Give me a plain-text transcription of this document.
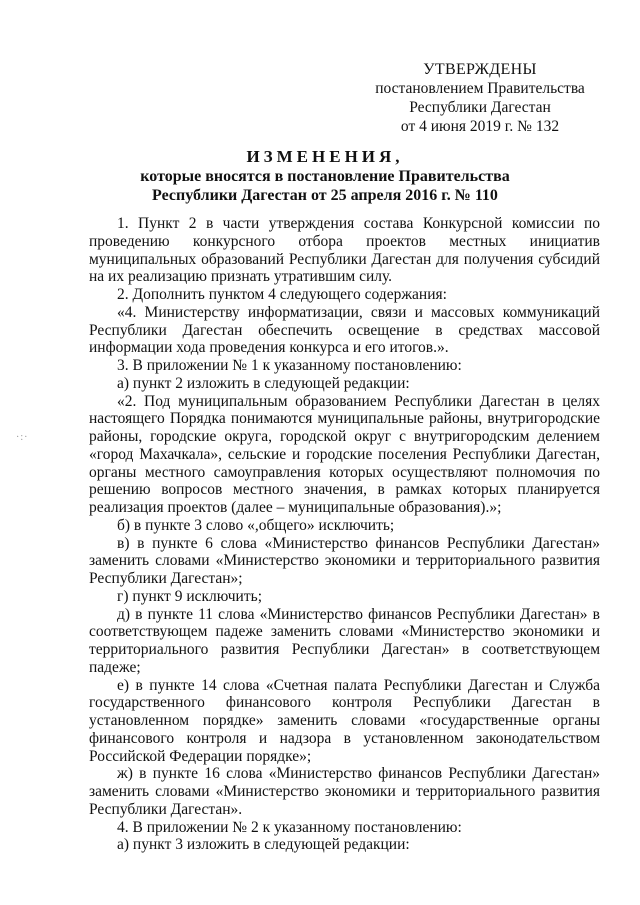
УТВЕРЖДЕНЫ
постановлением Правительства
Республики Дагестан
от 4 июня 2019 г. № 132
ИЗМЕНЕНИЯ,
которые вносятся в постановление Правительства
Республики Дагестан от 25 апреля 2016 г. № 110
·:·

1. Пункт 2 в части утверждения состава Конкурсной комиссии по проведению конкурсного отбора проектов местных инициатив муниципальных образований Республики Дагестан для получения субсидий на их реализацию признать утратившим силу.

2. Дополнить пунктом 4 следующего содержания:

«4. Министерству информатизации, связи и массовых коммуникаций Республики Дагестан обеспечить освещение в средствах массовой информации хода проведения конкурса и его итогов.».

3. В приложении № 1 к указанному постановлению:

а) пункт 2 изложить в следующей редакции:

«2. Под муниципальным образованием Республики Дагестан в целях настоящего Порядка понимаются муниципальные районы, внутригородские районы, городские округа, городской округ с внутригородским делением «город Махачкала», сельские и городские поселения Республики Дагестан, органы местного самоуправления которых осуществляют полномочия по решению вопросов местного значения, в рамках которых планируется реализация проектов (далее – муниципальные образования).»;

б) в пункте 3 слово «,общего» исключить;

в) в пункте 6 слова «Министерство финансов Республики Дагестан» заменить словами «Министерство экономики и территориального развития Республики Дагестан»;

г) пункт 9 исключить;

д) в пункте 11 слова «Министерство финансов Республики Дагестан» в соответствующем падеже заменить словами «Министерство экономики и территориального развития Республики Дагестан» в соответствующем падеже;

е) в пункте 14 слова «Счетная палата Республики Дагестан и Служба государственного финансового контроля Республики Дагестан в установленном порядке» заменить словами «государственные органы финансового контроля и надзора в установленном законодательством Российской Федерации порядке»;

ж) в пункте 16 слова «Министерство финансов Республики Дагестан» заменить словами «Министерство экономики и территориального развития Республики Дагестан».

4. В приложении № 2 к указанному постановлению:

а) пункт 3 изложить в следующей редакции:
